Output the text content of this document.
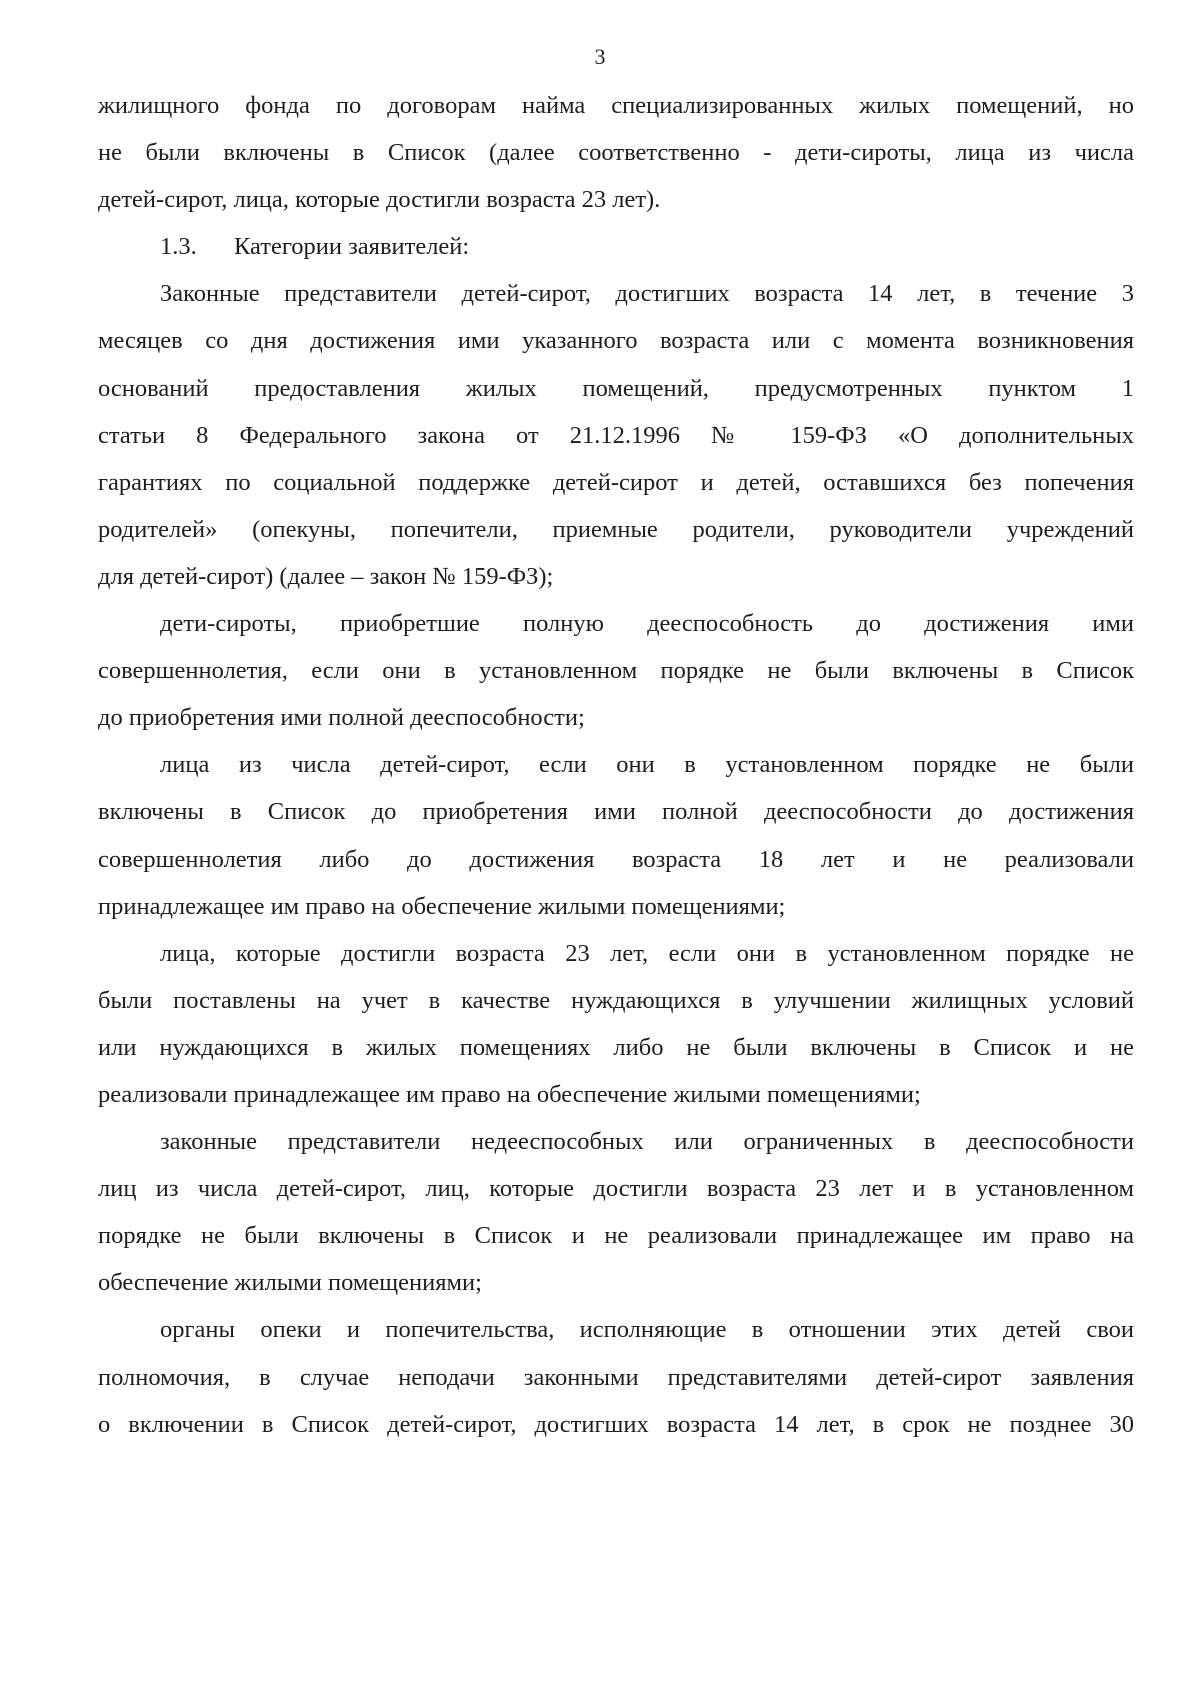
3
жилищного фонда по договорам найма специализированных жилых помещений, но
не были включены в Список (далее соответственно - дети-сироты, лица из числа
детей-сирот, лица, которые достигли возраста 23 лет).
1.3. Категории заявителей:
Законные представители детей-сирот, достигших возраста 14 лет, в течение 3
месяцев со дня достижения ими указанного возраста или с момента возникновения
оснований предоставления жилых помещений, предусмотренных пунктом 1
статьи 8 Федерального закона от 21.12.1996 № 159-ФЗ «О дополнительных
гарантиях по социальной поддержке детей-сирот и детей, оставшихся без попечения
родителей» (опекуны, попечители, приемные родители, руководители учреждений
для детей-сирот) (далее – закон № 159-ФЗ);
дети-сироты, приобретшие полную дееспособность до достижения ими
совершеннолетия, если они в установленном порядке не были включены в Список
до приобретения ими полной дееспособности;
лица из числа детей-сирот, если они в установленном порядке не были
включены в Список до приобретения ими полной дееспособности до достижения
совершеннолетия либо до достижения возраста 18 лет и не реализовали
принадлежащее им право на обеспечение жилыми помещениями;
лица, которые достигли возраста 23 лет, если они в установленном порядке не
были поставлены на учет в качестве нуждающихся в улучшении жилищных условий
или нуждающихся в жилых помещениях либо не были включены в Список и не
реализовали принадлежащее им право на обеспечение жилыми помещениями;
законные представители недееспособных или ограниченных в дееспособности
лиц из числа детей-сирот, лиц, которые достигли возраста 23 лет и в установленном
порядке не были включены в Список и не реализовали принадлежащее им право на
обеспечение жилыми помещениями;
органы опеки и попечительства, исполняющие в отношении этих детей свои
полномочия, в случае неподачи законными представителями детей-сирот заявления
о включении в Список детей-сирот, достигших возраста 14 лет, в срок не позднее 30
